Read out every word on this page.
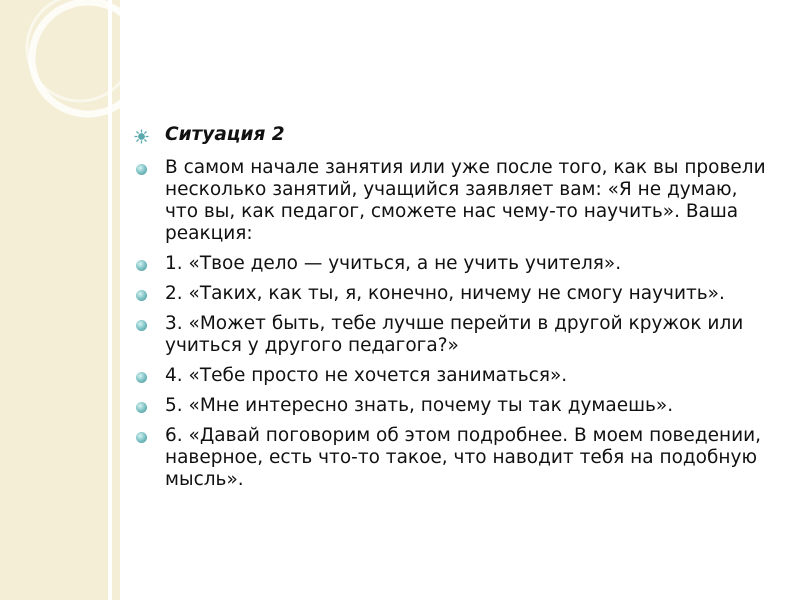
Ситуация 2
В самом начале занятия или уже после того, как вы провели несколько занятий, учащийся заявляет вам: «Я не думаю, что вы, как педагог, сможете нас чему-то научить». Ваша реакция:
1. «Твое дело — учиться, а не учить учителя».
2. «Таких, как ты, я, конечно, ничему не смогу научить».
3. «Может быть, тебе лучше перейти в другой кружок или учиться у другого педагога?»
4. «Тебе просто не хочется заниматься».
5. «Мне интересно знать, почему ты так думаешь».
6. «Давай поговорим об этом подробнее. В моем поведении, наверное, есть что-то такое, что наводит тебя на подобную мысль».
